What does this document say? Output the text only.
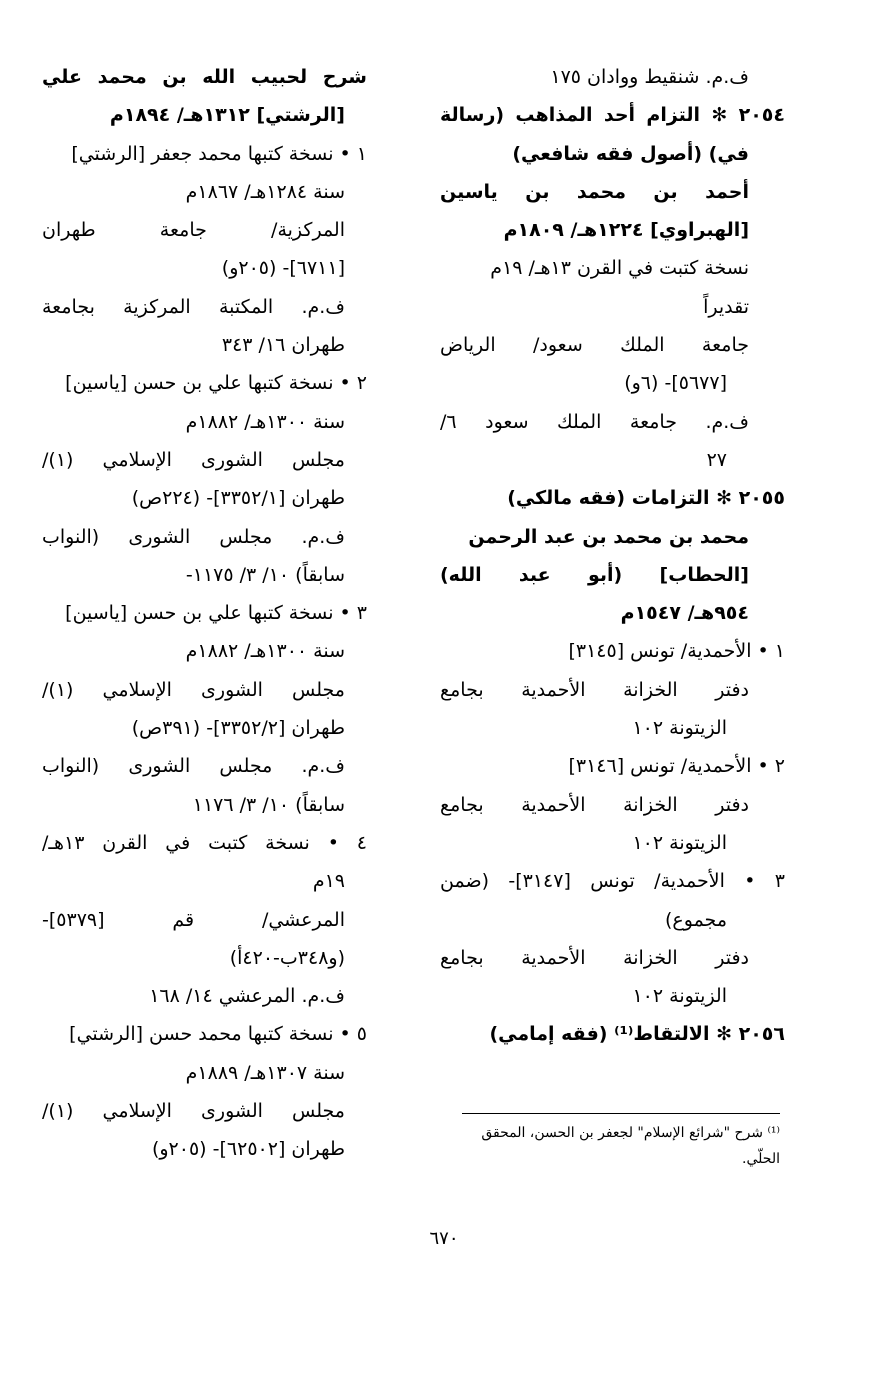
ف.م. شنقيط ووادان ١٧٥
٢٠٥٤ ✻ التزام أحد المذاهب (رسالة
في) (أصول فقه شافعي)
أحمد بن محمد بن ياسين
[الهبراوي] ١٢٢٤هـ/ ١٨٠٩م
نسخة كتبت في القرن ١٣هـ/ ١٩م
تقديراً
جامعة الملك سعود/ الرياض
[٥٦٧٧]- (٦و)
ف.م. جامعة الملك سعود ٦/
٢٧
٢٠٥٥ ✻ التزامات (فقه مالكي)
محمد بن محمد بن عبد الرحمن
[الحطاب] (أبو عبد الله)
٩٥٤هـ/ ١٥٤٧م
١ • الأحمدية/ تونس [٣١٤٥]
دفتر الخزانة الأحمدية بجامع
الزيتونة ١٠٢
٢ • الأحمدية/ تونس [٣١٤٦]
دفتر الخزانة الأحمدية بجامع
الزيتونة ١٠٢
٣ • الأحمدية/ تونس [٣١٤٧]- (ضمن
مجموع)
دفتر الخزانة الأحمدية بجامع
الزيتونة ١٠٢
٢٠٥٦ ✻ الالتقاط⁽¹⁾ (فقه إمامي)
شرح لحبيب الله بن محمد علي
[الرشتي] ١٣١٢هـ/ ١٨٩٤م
١ • نسخة كتبها محمد جعفر [الرشتي]
سنة ١٢٨٤هـ/ ١٨٦٧م
المركزية/ جامعة طهران
[٦٧١١]- (٢٠٥و)
ف.م. المكتبة المركزية بجامعة
طهران ١٦/ ٣٤٣
٢ • نسخة كتبها علي بن حسن [ياسين]
سنة ١٣٠٠هـ/ ١٨٨٢م
مجلس الشورى الإسلامي (١)/
طهران [٣٣٥٢/١]- (٢٢٤ص)
ف.م. مجلس الشورى (النواب
سابقاً) ١٠/ ٣/ ١١٧٥-
٣ • نسخة كتبها علي بن حسن [ياسين]
سنة ١٣٠٠هـ/ ١٨٨٢م
مجلس الشورى الإسلامي (١)/
طهران [٣٣٥٢/٢]- (٣٩١ص)
ف.م. مجلس الشورى (النواب
سابقاً) ١٠/ ٣/ ١١٧٦
٤ • نسخة كتبت في القرن ١٣هـ/
١٩م
المرعشي/ قم [٥٣٧٩]-
(و٣٤٨ب-٤٢٠أ)
ف.م. المرعشي ١٤/ ١٦٨
٥ • نسخة كتبها محمد حسن [الرشتي]
سنة ١٣٠٧هـ/ ١٨٨٩م
مجلس الشورى الإسلامي (١)/
طهران [٦٢٥٠٢]- (٢٠٥و)
⁽¹⁾ شرح "شرائع الإسلام" لجعفر بن الحسن، المحقق الحلّي.
٦٧٠
